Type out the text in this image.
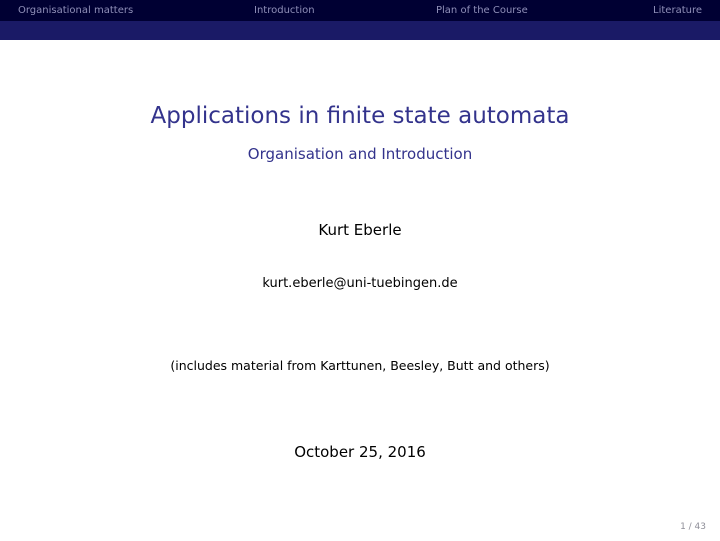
Organisational matters	Introduction	Plan of the Course	Literature
Applications in finite state automata
Organisation and Introduction
Kurt Eberle
kurt.eberle@uni-tuebingen.de
(includes material from Karttunen, Beesley, Butt and others)
October 25, 2016
1 / 43
